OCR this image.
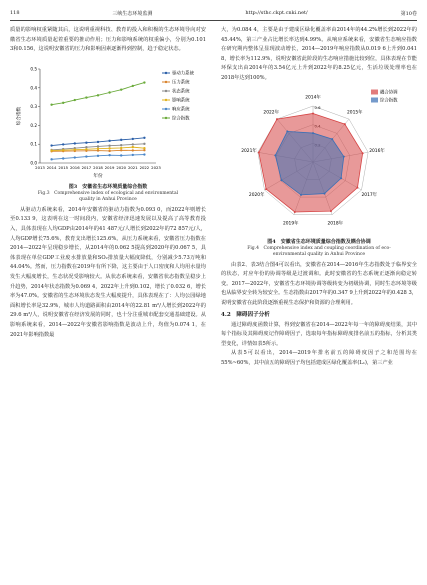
118	三峡生态环境监测	http://sthc.ckpt.cnki.net/	第10卷

质量的影响权重紧随其后，这说明重视科技、教育的投入和积极的生态环境导向对安徽省生态环境质量起着重要的推动作用；压力和影响系统的权重偏小，分别为0.101 3和0.156，这说明安徽省的压力和影响因素逐渐得到控制，趋于稳定状态。

0.0
0.1
0.2
0.3
0.4
0.5
2013 2014 2015 2016 2017 2018 2019 2020 2021 2022 2023
年份
综合指数
驱动力系统
压力系统
状态系统
影响系统
响应系统
综合指数
图3　安徽省生态环境质量综合指数
Fig.3　Comprehensive index of ecological and environmental
quality in Anhui Province

从驱动力系统来看，2014年安徽省的驱动力指数为0.093 0，而2022年则增长至0.133 9，这表明在这一时间段内，安徽省经济迅速发展以及提高了高等教育投入，具体表现在人均GDP由2014年的41 487元/人增长到2022年的72 857元/人，人均GDP增长75.6%，教育支出增长125.6%。从压力系统来看，安徽省压力指数在2014—2022年呈现稳步增长，从2014年的0.062 5提高到2020年的0.067 5，具体表现在单位GDP工业废水排放量和SO₂排放量大幅度降低，分别减少5.73万吨和44.04%。然而，压力指数在2019年有所下降，这主要由于人口密度和人均用水量均发生大幅度增长，生态状况受影响较大。从状态系统来看，安徽省状态指数呈稳步上升趋势，2014年状态指数为0.069 4，2022年上升到0.102，增长了0.032 6，增长率为47.0%。安徽省的生态环境状态发生大幅度提升，具体表现在了：人均公园绿地面积增长率是32.9%，城市人均道路面积由2014年的22.81 m²/人增长到2022年的29.6 m²/人，说明安徽省在经济发展的同时，也十分注重城市配套交通基础建设。从影响系统来看，2014—2022年安徽省影响指数是波动上升，均值为0.074 1，在2021年影响指数最

大，为0.084 4，主要是由于建成区绿化覆盖率由2014年的44.2%增长到2022年的45.44%，第三产业占比增长率达到4.99%。从响应系统来看，安徽省生态响应指数在研究期内整体呈显现波动增长，2014—2019年响应指数从0.019 6上升到0.041 8，增长率为112.9%，说明安徽省此阶段的生态响应措施比较到位，具体表现在节能环保支出由2014年的3.54亿元上升到2022年的8.25亿元，生活垃圾处理率也在2018年达到100%。

0.6
2014年
2015年
2016年
2017年
2018年
2019年
2020年
2021年
2022年
耦合协调
综合指数
图4　安徽省生态环境质量综合指数及耦合协调
Fig.4　Comprehensive index and coupling coordination of eco-
environmental quality in Anhui Province

由表2、表3结合图4可以看出，安徽省在2014—2016年生态指数处于临界安全的状态，对应年份的协调等级是过渡调和。此时安徽省的生态系统正逐渐向稳定转变。2017—2022年，安徽省生态环境协调等级转变为初级协调，同时生态环境等级也从临界安全转为较安全。生态指数由2017年的0.347 9上升到2022年的0.428 3，说明安徽省在此阶段逐渐重视生态保护和资源的合理利用。

4.2　障碍因子分析

通过障碍度函数计算，得到安徽省在2014—2022年每一年的障碍度结果，其中每个指标及其障碍度记作障碍因子，选取每年指标障碍度排名前五的指标，分析其类型变化，详情如表5所示。

从表5可以看出，2014—2019年排名前五的障碍度因子之和范围均在55%~60%，其中前五的障碍因子均包括建成区绿化覆盖率(L₁)，第三产业
